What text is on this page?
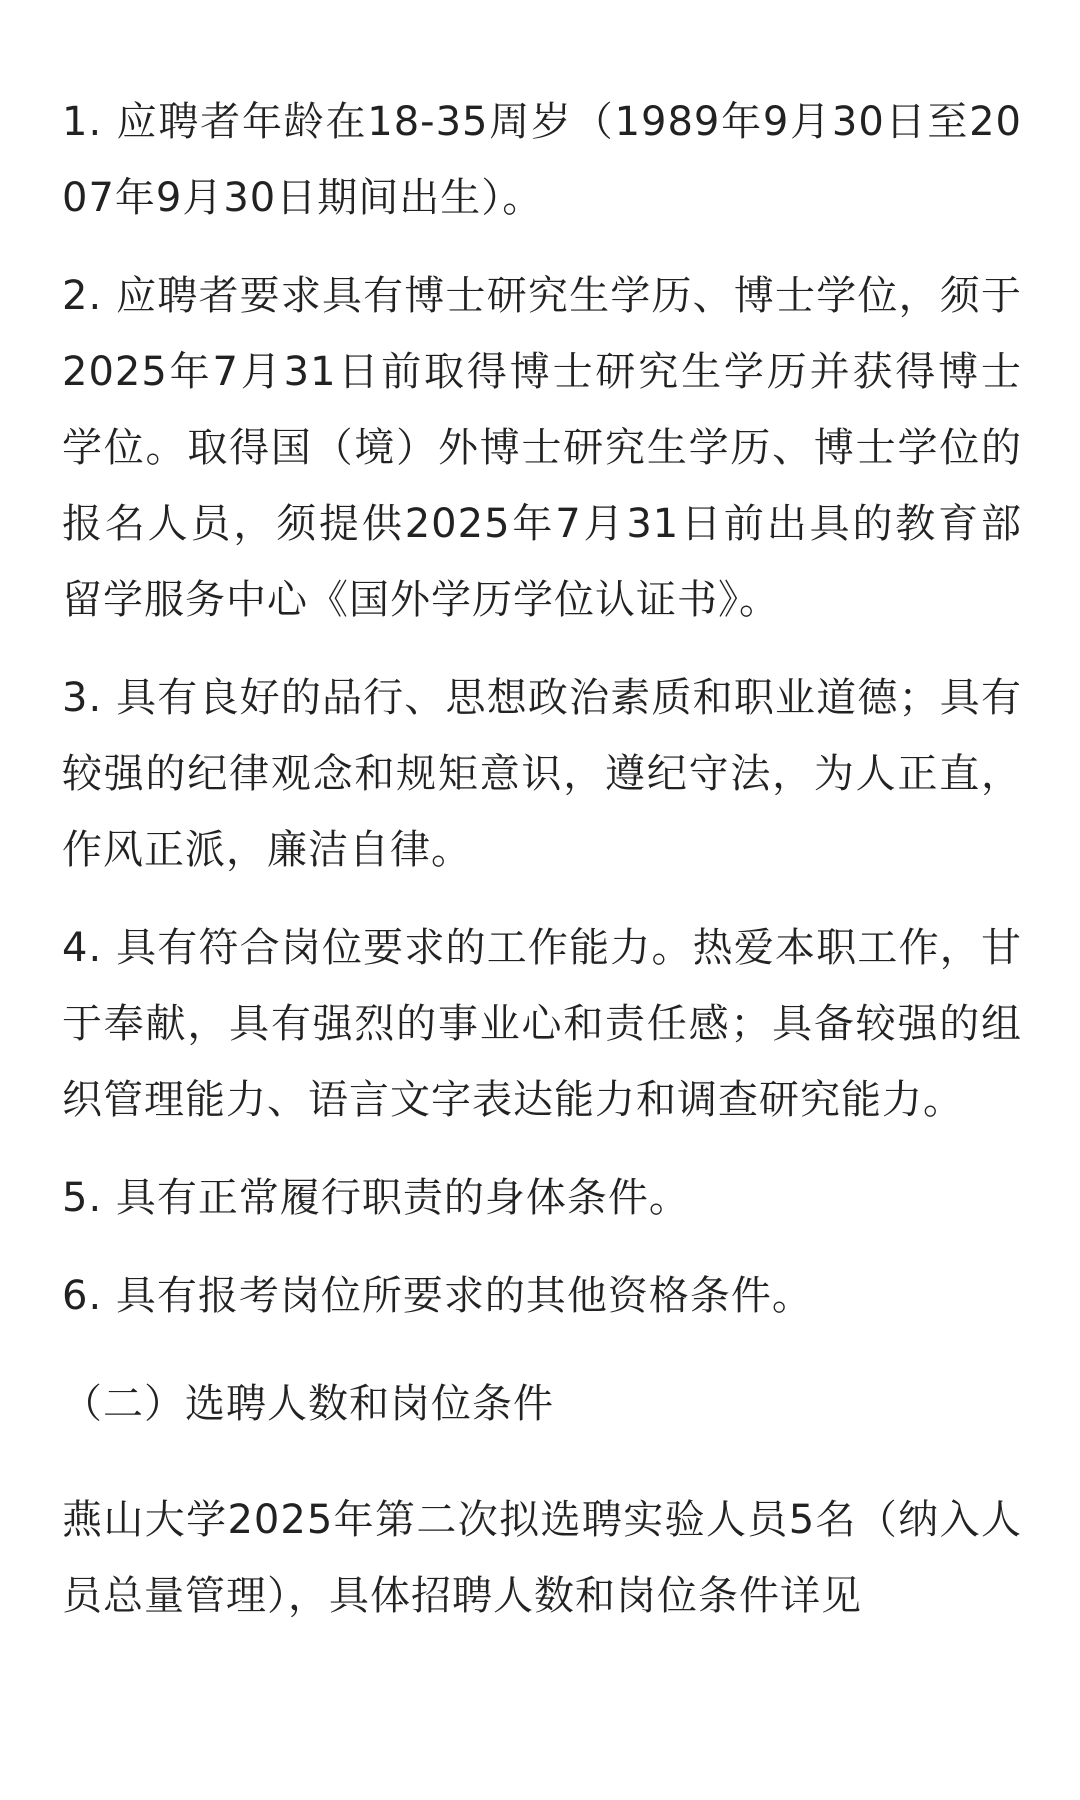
1. 应聘者年龄在18-35周岁（1989年9月30日至2007年9月30日期间出生）。

2. 应聘者要求具有博士研究生学历、博士学位，须于2025年7月31日前取得博士研究生学历并获得博士学位。取得国（境）外博士研究生学历、博士学位的报名人员，须提供2025年7月31日前出具的教育部留学服务中心《国外学历学位认证书》。

3. 具有良好的品行、思想政治素质和职业道德；具有较强的纪律观念和规矩意识，遵纪守法，为人正直，作风正派，廉洁自律。

4. 具有符合岗位要求的工作能力。热爱本职工作，甘于奉献，具有强烈的事业心和责任感；具备较强的组织管理能力、语言文字表达能力和调查研究能力。

5. 具有正常履行职责的身体条件。

6. 具有报考岗位所要求的其他资格条件。

（二）选聘人数和岗位条件

燕山大学2025年第二次拟选聘实验人员5名（纳入人员总量管理），具体招聘人数和岗位条件详见
